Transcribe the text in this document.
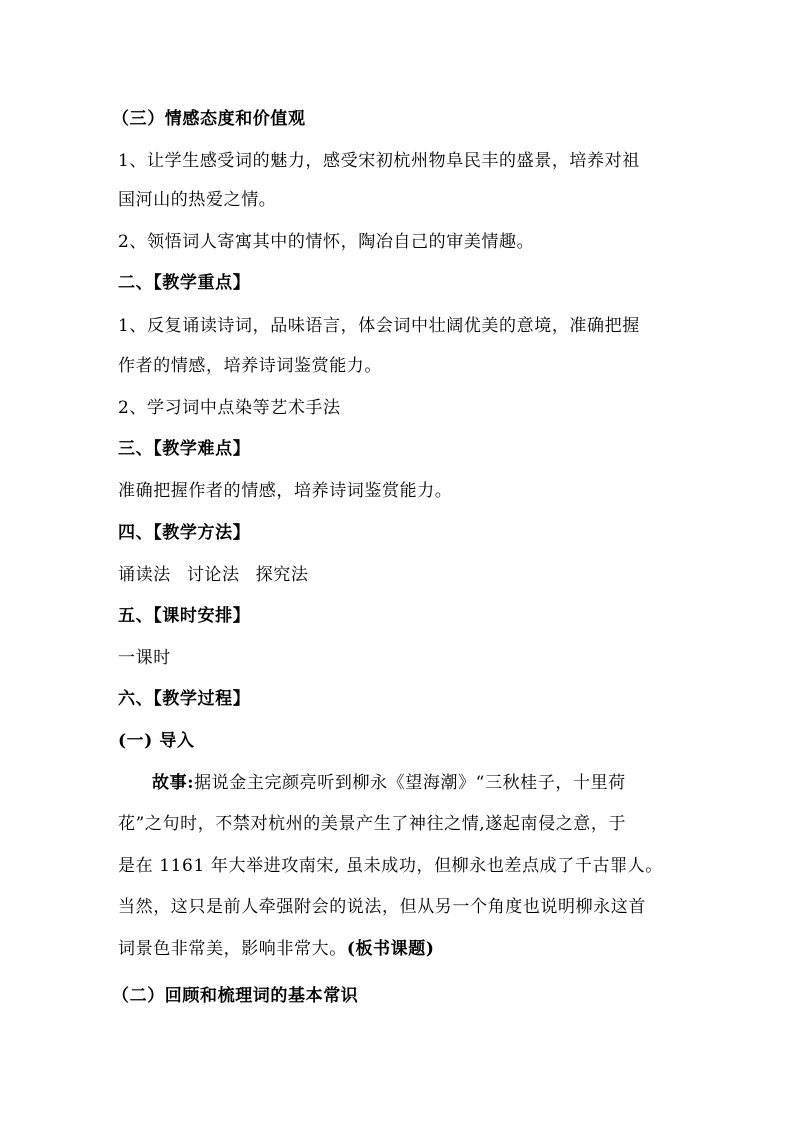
（三）情感态度和价值观
1、让学生感受词的魅力，感受宋初杭州物阜民丰的盛景，培养对祖
国河山的热爱之情。
2、领悟词人寄寓其中的情怀，陶冶自己的审美情趣。
二、【教学重点】
1、反复诵读诗词，品味语言，体会词中壮阔优美的意境，准确把握
作者的情感，培养诗词鉴赏能力。
2、学习词中点染等艺术手法
三、【教学难点】
准确把握作者的情感，培养诗词鉴赏能力。
四、【教学方法】
诵读法 讨论法 探究法
五、【课时安排】
一课时
六、【教学过程】
(一) 导入
故事:据说金主完颜亮听到柳永《望海潮》“三秋桂子，十里荷
花”之句时，不禁对杭州的美景产生了神往之情,遂起南侵之意，于
是在 1161 年大举进攻南宋, 虽未成功，但柳永也差点成了千古罪人。
当然，这只是前人牵强附会的说法，但从另一个角度也说明柳永这首
词景色非常美，影响非常大。(板书课题)
（二）回顾和梳理词的基本常识
